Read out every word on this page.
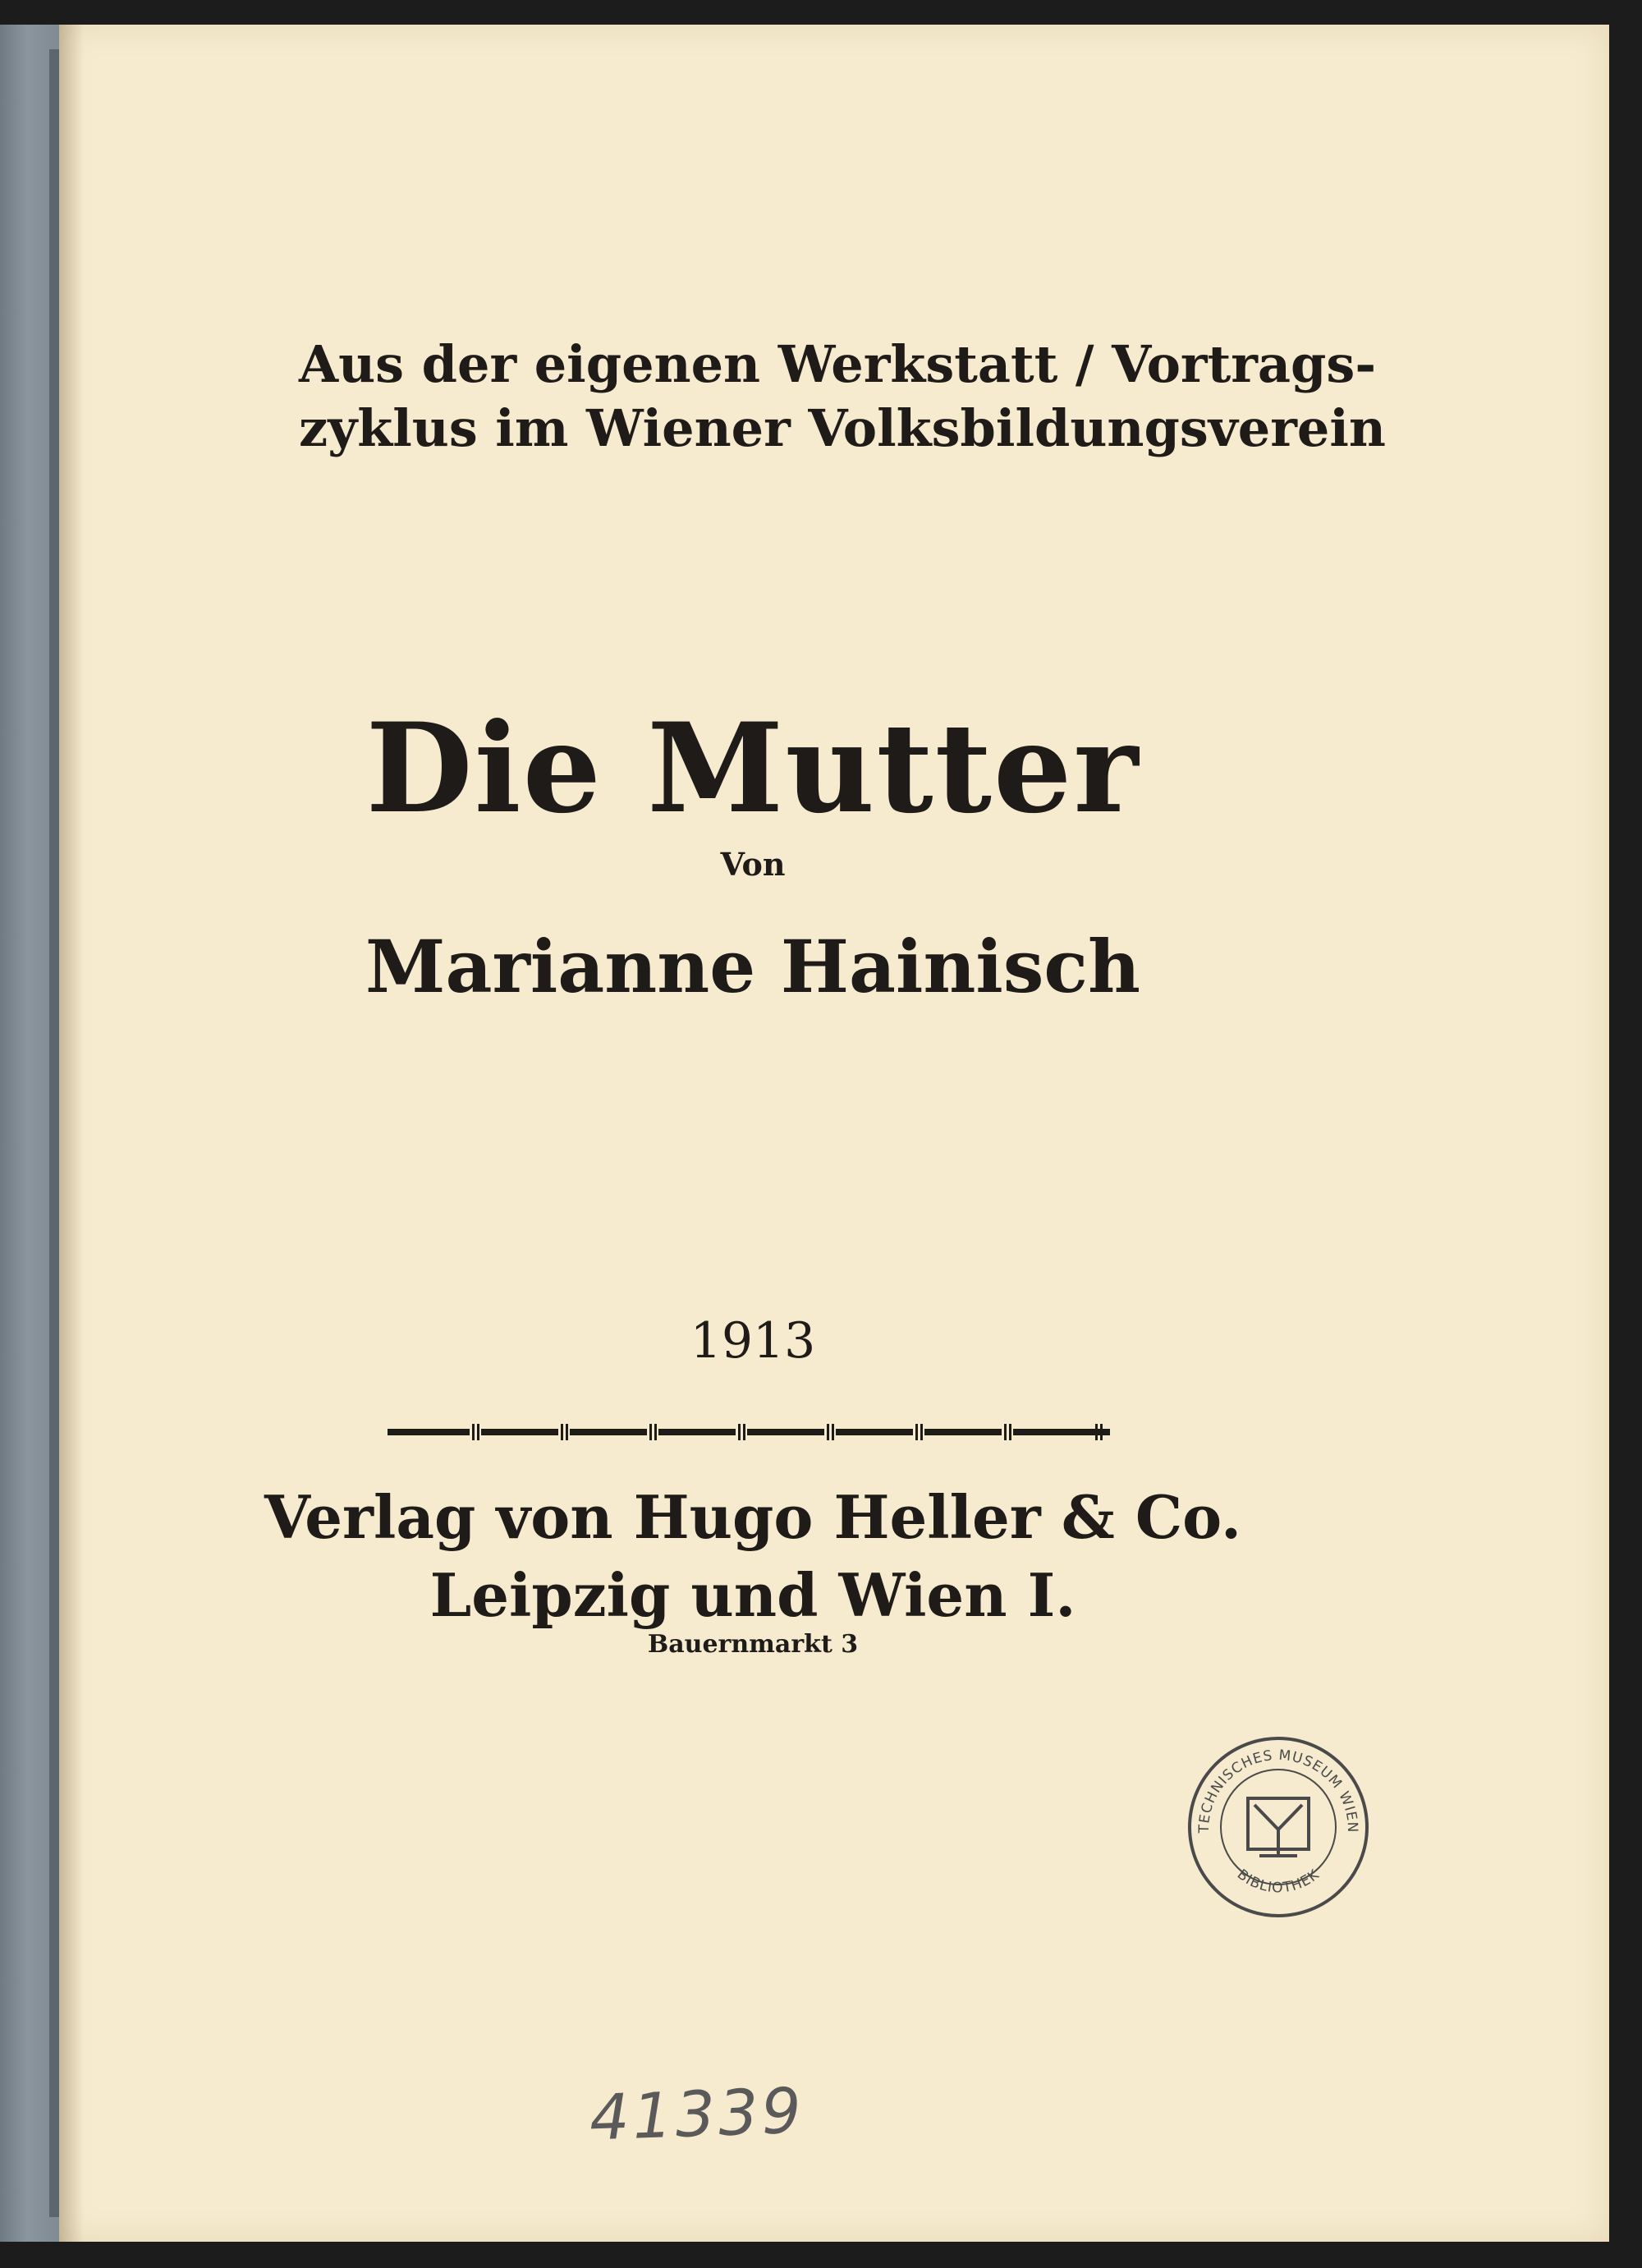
Aus der eigenen Werkstatt / Vortrags-
zyklus im Wiener Volksbildungsverein
Die Mutter
Von
Marianne Hainisch
1913
Verlag von Hugo Heller & Co.
Leipzig und Wien I.
Bauernmarkt 3
TECHNISCHES MUSEUM WIEN
BIBLIOTHEK
41339
